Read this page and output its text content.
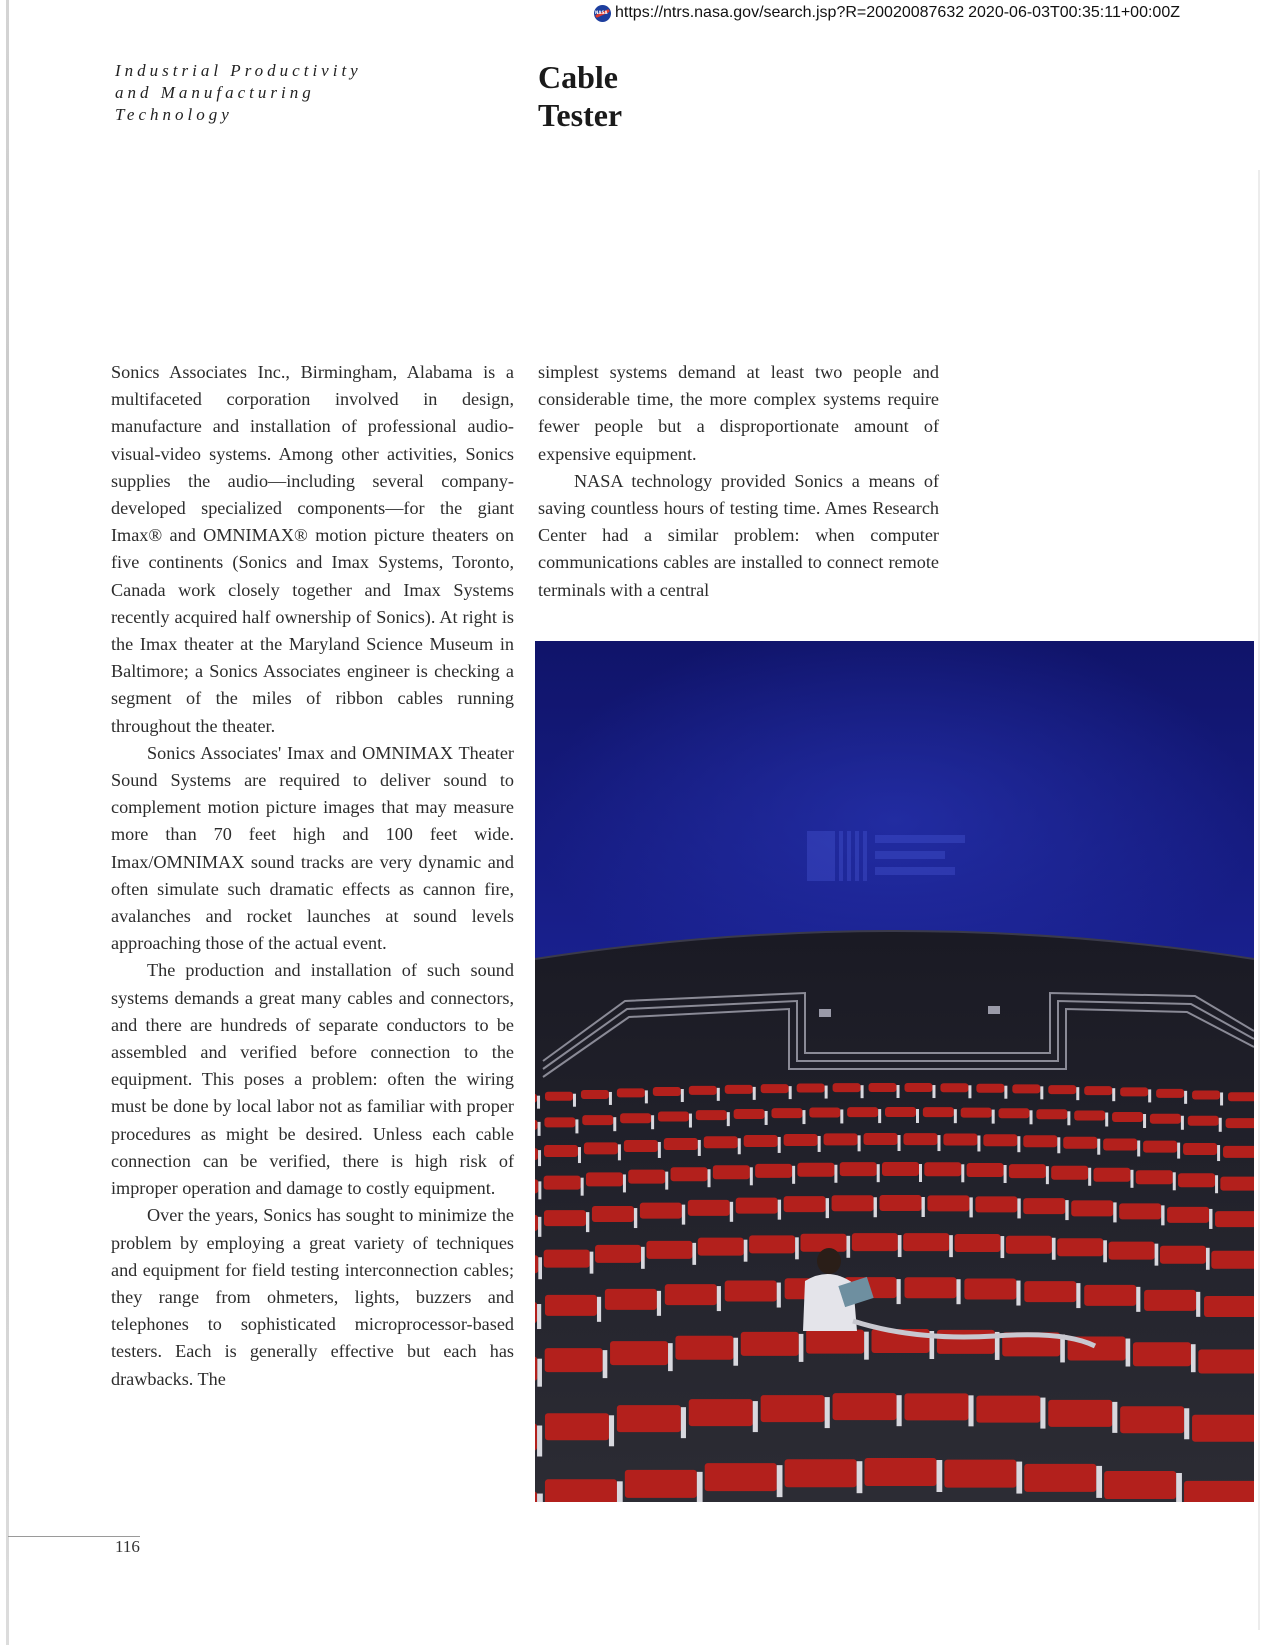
NASA
https://ntrs.nasa.gov/search.jsp?R=20020087632 2020-06-03T00:35:11+00:00Z
Industrial Productivity
and Manufacturing
Technology
Cable
Tester

Sonics Associates Inc., Birmingham, Alabama is a multifaceted corporation involved in design, manufacture and installation of professional audio-visual-video systems. Among other activities, Sonics supplies the audio—including several company-developed specialized components—for the giant Imax® and OMNIMAX® motion picture theaters on five continents (Sonics and Imax Systems, Toronto, Canada work closely together and Imax Systems recently acquired half ownership of Sonics). At right is the Imax theater at the Maryland Science Museum in Baltimore; a Sonics Associates engineer is checking a segment of the miles of ribbon cables running throughout the theater.

Sonics Associates' Imax and OMNIMAX Theater Sound Systems are required to deliver sound to complement motion picture images that may measure more than 70 feet high and 100 feet wide. Imax/OMNIMAX sound tracks are very dynamic and often simulate such dramatic effects as cannon fire, avalanches and rocket launches at sound levels approaching those of the actual event.

The production and installation of such sound systems demands a great many cables and connectors, and there are hundreds of separate conductors to be assembled and verified before connection to the equipment. This poses a problem: often the wiring must be done by local labor not as familiar with proper procedures as might be desired. Unless each cable connection can be verified, there is high risk of improper operation and damage to costly equipment.

Over the years, Sonics has sought to minimize the problem by employing a great variety of techniques and equipment for field testing interconnection cables; they range from ohmeters, lights, buzzers and telephones to sophisticated microprocessor-based testers. Each is generally effective but each has drawbacks. The

simplest systems demand at least two people and considerable time, the more complex systems require fewer people but a disproportionate amount of expensive equipment.

NASA technology provided Sonics a means of saving countless hours of testing time. Ames Research Center had a similar problem: when computer communications cables are installed to connect remote terminals with a central

116
